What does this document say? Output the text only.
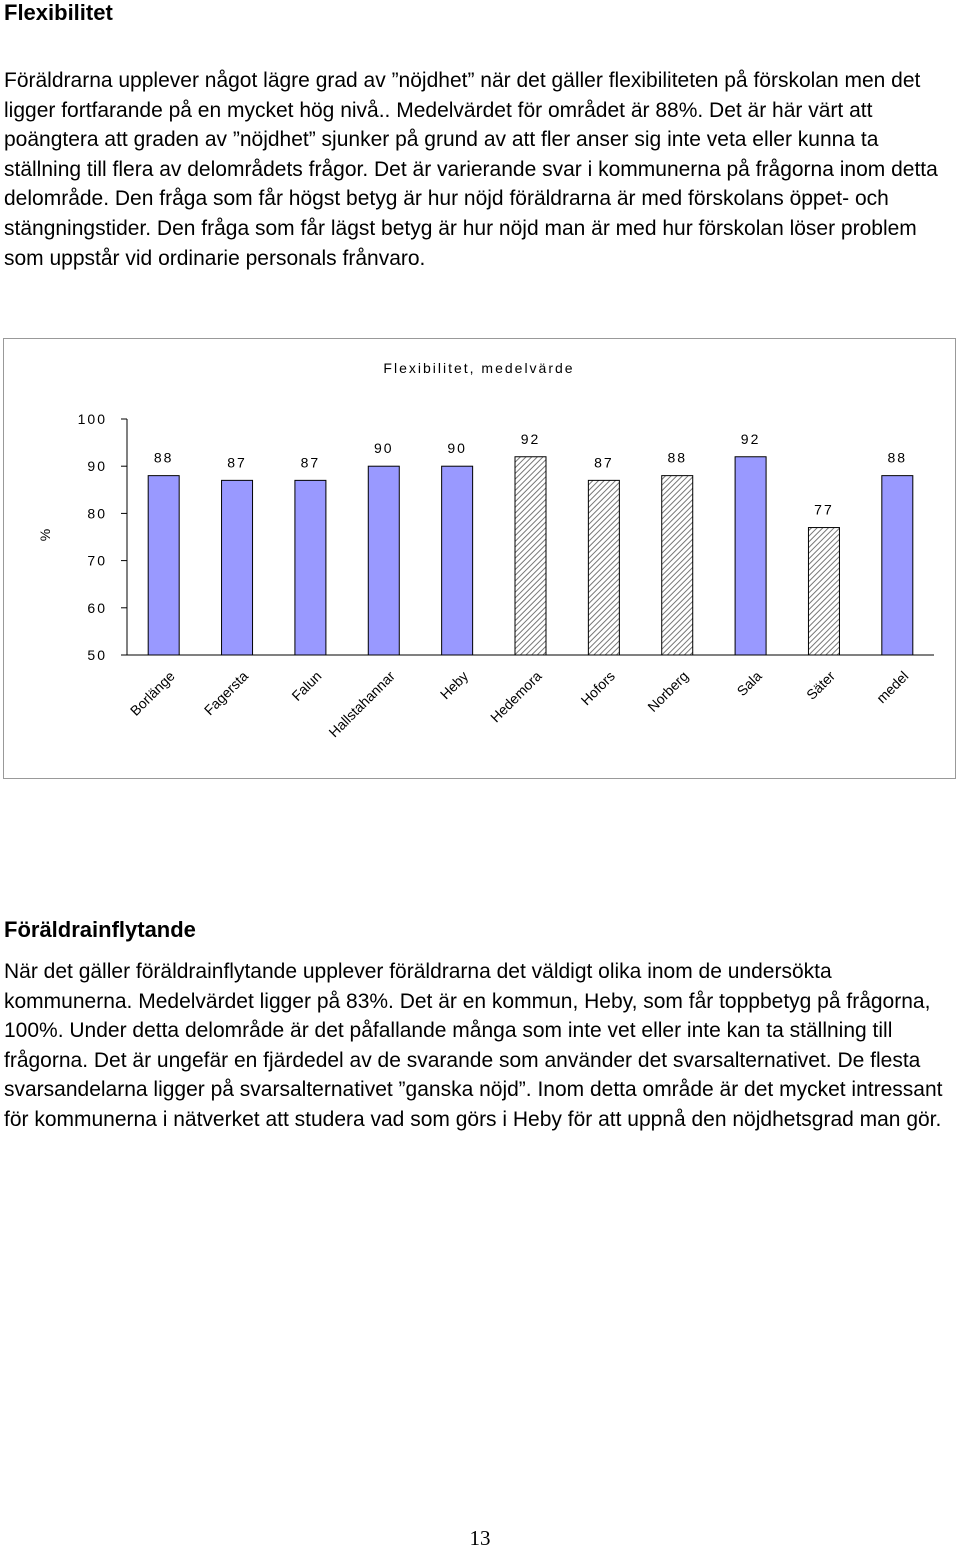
Flexibilitet

Föräldrarna upplever något lägre grad av ”nöjdhet” när det gäller flexibiliteten på förskolan men det ligger fortfarande på en mycket hög nivå.. Medelvärdet för området är 88%. Det är här värt att poängtera att graden av ”nöjdhet” sjunker på grund av att fler anser sig inte veta eller kunna ta ställning till flera av delområdets frågor. Det är varierande svar i kommunerna på frågorna inom detta delområde. Den fråga som får högst betyg är hur nöjd föräldrarna är med förskolans öppet- och stängningstider. Den fråga som får lägst betyg är hur nöjd man är med hur förskolan löser problem som uppstår vid ordinarie personals frånvaro.

Flexibilitet, medelvärde
%
50
60
70
80
90
100
88	87	87
90	90
92
87	88
92
77
88
Borlänge Fagersta	Falun Hallstahannar	Heby Hedemora Hofors Norberg	Sala	Säter	medel
Föräldrainflytande

När det gäller föräldrainflytande upplever föräldrarna det väldigt olika inom de undersökta kommunerna. Medelvärdet ligger på 83%. Det är en kommun, Heby, som får toppbetyg på frågorna, 100%. Under detta delområde är det påfallande många som inte vet eller inte kan ta ställning till frågorna. Det är ungefär en fjärdedel av de svarande som använder det svarsalternativet. De flesta svarsandelarna ligger på svarsalternativet ”ganska nöjd”. Inom detta område är det mycket intressant för kommunerna i nätverket att studera vad som görs i Heby för att uppnå den nöjdhetsgrad man gör.

13
